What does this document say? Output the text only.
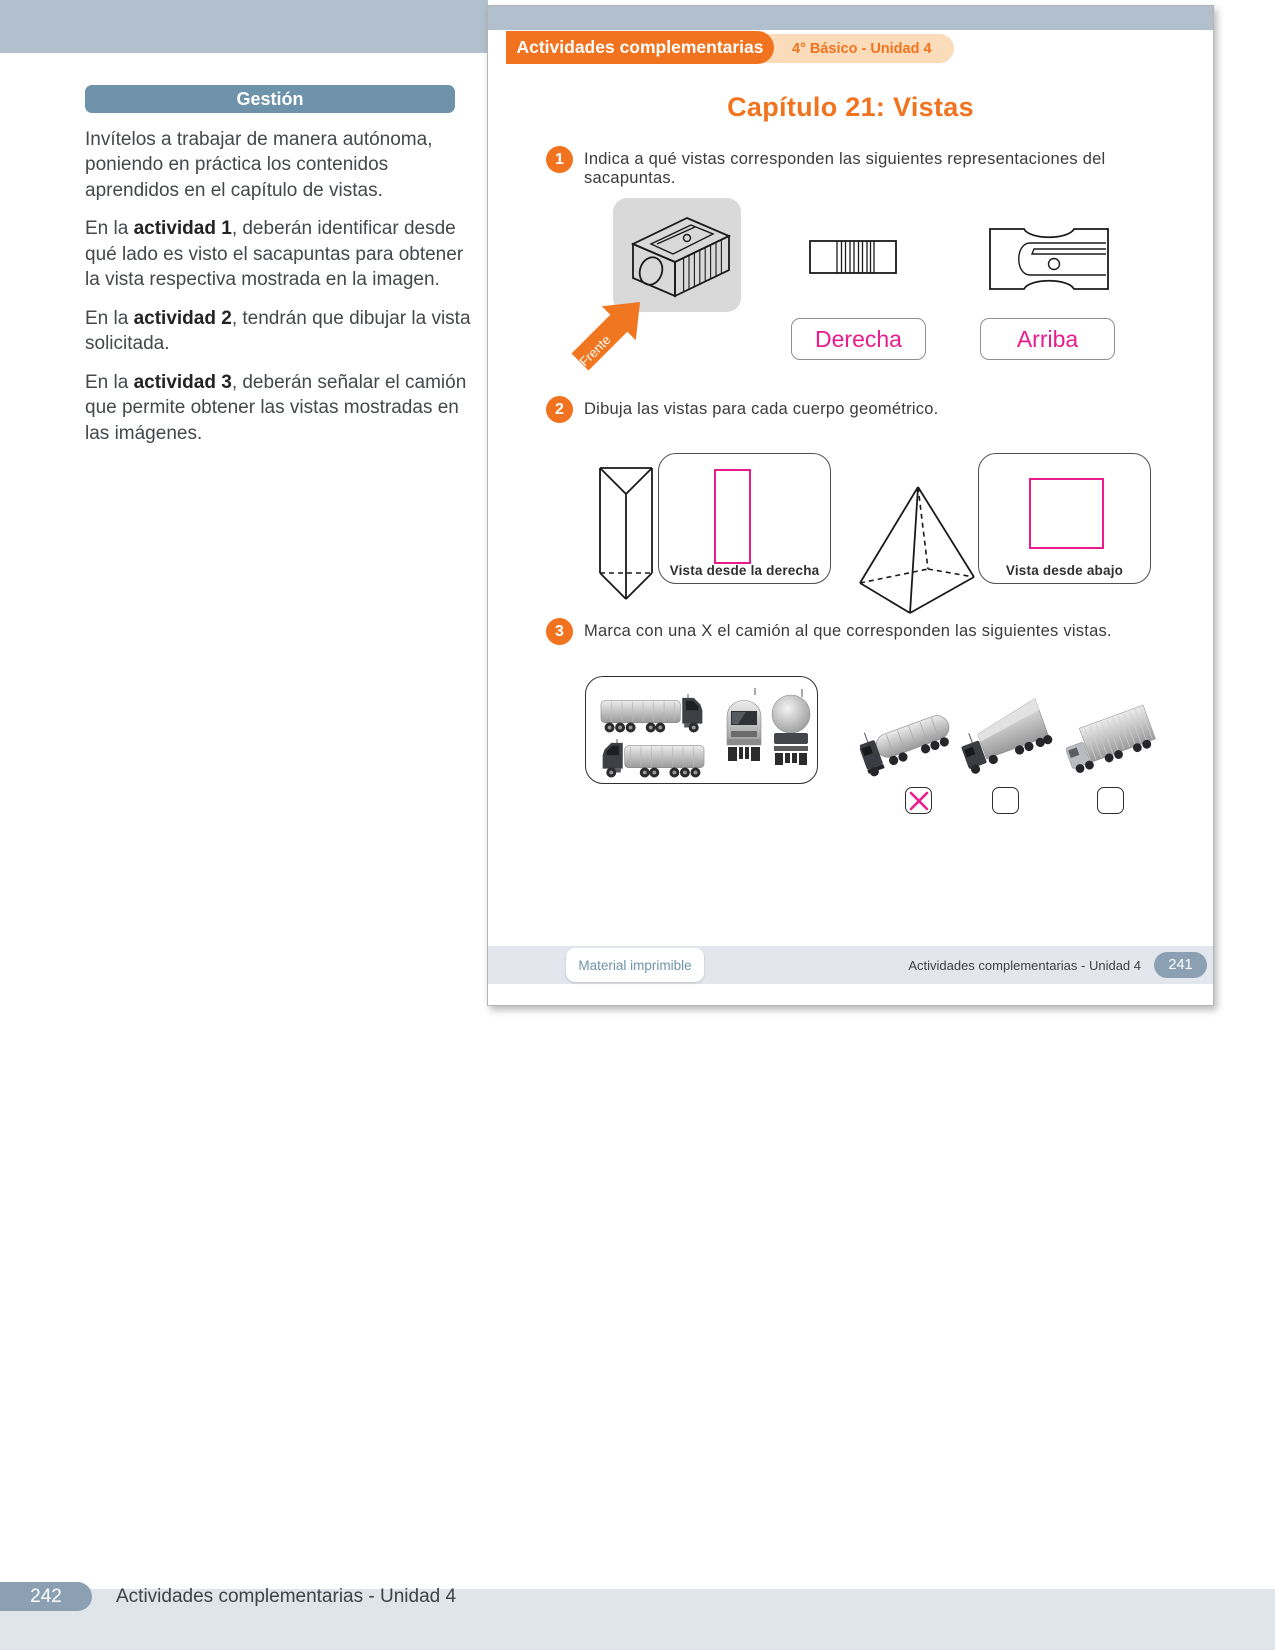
Gestión

Invítelos a trabajar de manera autónoma, poniendo en práctica los contenidos aprendidos en el capítulo de vistas.

En la actividad 1, deberán identificar desde qué lado es visto el sacapuntas para obtener la vista respectiva mostrada en la imagen.

En la actividad 2, tendrán que dibujar la vista solicitada.

En la actividad 3, deberán señalar el camión que permite obtener las vistas mostradas en las imágenes.

4° Básico - Unidad 4
Actividades complementarias
Capítulo 21: Vistas
1	Indica a qué vistas corresponden las siguientes representaciones del sacapuntas.
Frente	Derecha	Arriba
2	Dibuja las vistas para cada cuerpo geométrico.
Vista desde la derecha	Vista desde abajo
3	Marca con una X el camión al que corresponden las siguientes vistas.
Material imprimible	Actividades complementarias - Unidad 4	241
242	Actividades complementarias - Unidad 4
